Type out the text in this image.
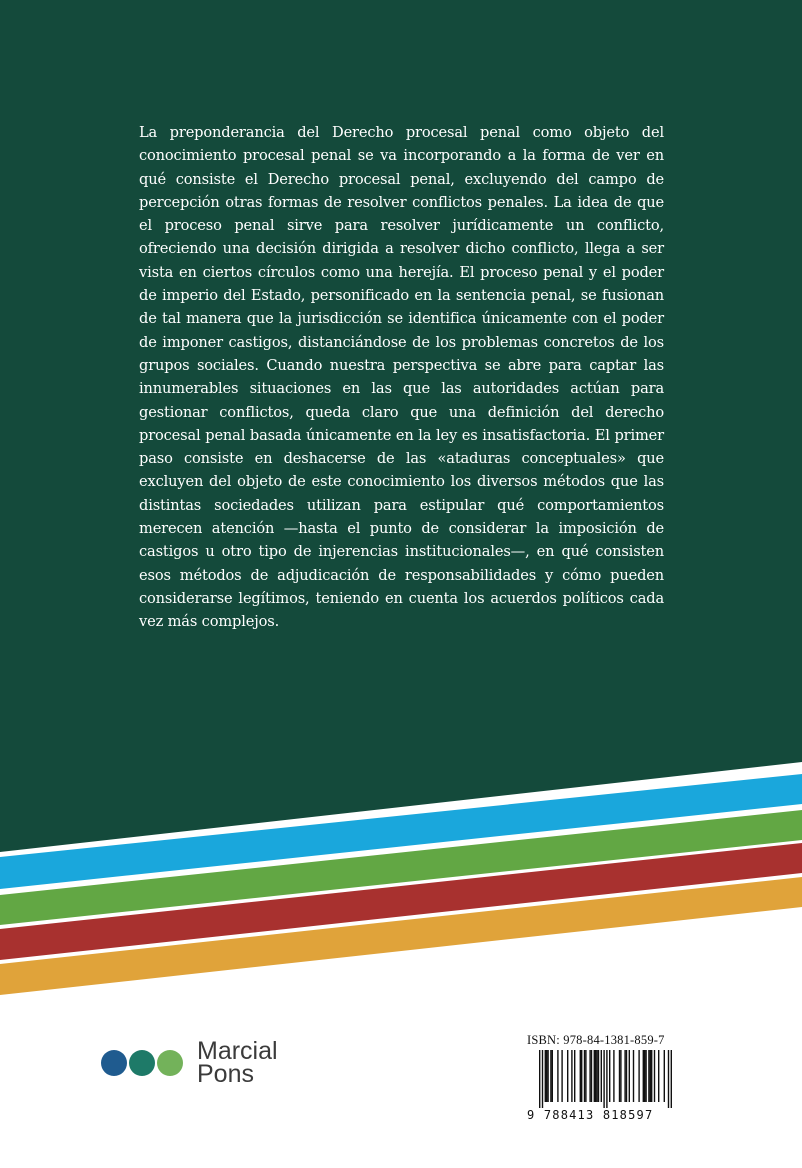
La preponderancia del Derecho procesal penal como objeto del conocimiento procesal penal se va incorporando a la forma de ver en qué consiste el Derecho procesal penal, excluyendo del campo de percepción otras formas de resolver conflictos penales. La idea de que el proceso penal sirve para resolver jurídicamente un conflicto, ofreciendo una decisión dirigida a resolver dicho conflicto, llega a ser vista en ciertos círculos como una herejía. El proceso penal y el poder de imperio del Estado, personificado en la sentencia penal, se fusionan de tal manera que la jurisdicción se identifica únicamente con el poder de imponer castigos, distanciándose de los problemas concretos de los grupos sociales. Cuando nuestra perspectiva se abre para captar las innumerables situaciones en las que las autoridades actúan para gestionar conflictos, queda claro que una definición del derecho procesal penal basada únicamente en la ley es insatisfactoria. El primer paso consiste en deshacerse de las «ataduras conceptuales» que excluyen del objeto de este conocimiento los diversos métodos que las distintas sociedades utilizan para estipular qué comportamientos merecen atención —hasta el punto de considerar la imposición de castigos u otro tipo de injerencias institucionales—, en qué consisten esos métodos de adjudicación de responsabilidades y cómo pueden considerarse legítimos, teniendo en cuenta los acuerdos políticos cada vez más complejos.

Marcial
Pons
ISBN: 978-84-1381-859-7
9 788413 818597
